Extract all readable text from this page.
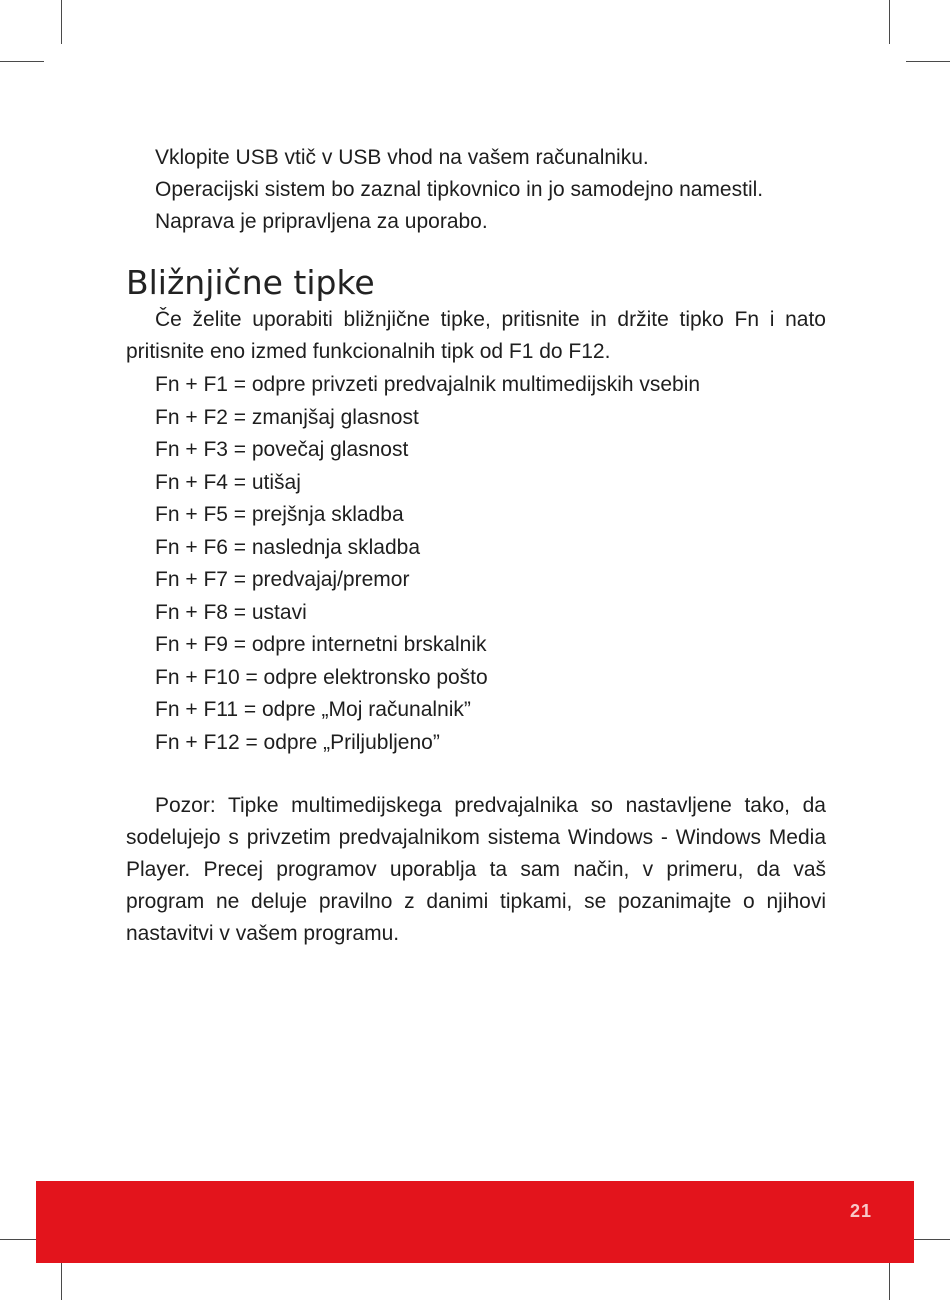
Vklopite USB vtič v USB vhod na vašem računalniku.
Operacijski sistem bo zaznal tipkovnico in jo samodejno namestil.
Naprava je pripravljena za uporabo.
Bližnjične tipke

Če želite uporabiti bližnjične tipke, pritisnite in držite tipko Fn i nato pritisnite eno izmed funkcionalnih tipk od F1 do F12.

Fn + F1 = odpre privzeti predvajalnik multimedijskih vsebin
Fn + F2 = zmanjšaj glasnost
Fn + F3 = povečaj glasnost
Fn + F4 = utišaj
Fn + F5 = prejšnja skladba
Fn + F6 = naslednja skladba
Fn + F7 = predvajaj/premor
Fn + F8 = ustavi
Fn + F9 = odpre internetni brskalnik
Fn + F10 = odpre elektronsko pošto
Fn + F11 = odpre „Moj računalnik”
Fn + F12 = odpre „Priljubljeno”

Pozor: Tipke multimedijskega predvajalnika so nastavljene tako, da sodelujejo s privzetim predvajalnikom sistema Windows - Windows Media Player. Precej programov uporablja ta sam način, v primeru, da vaš program ne deluje pravilno z danimi tipkami, se pozanimajte o njihovi nastavitvi v vašem programu.

21
